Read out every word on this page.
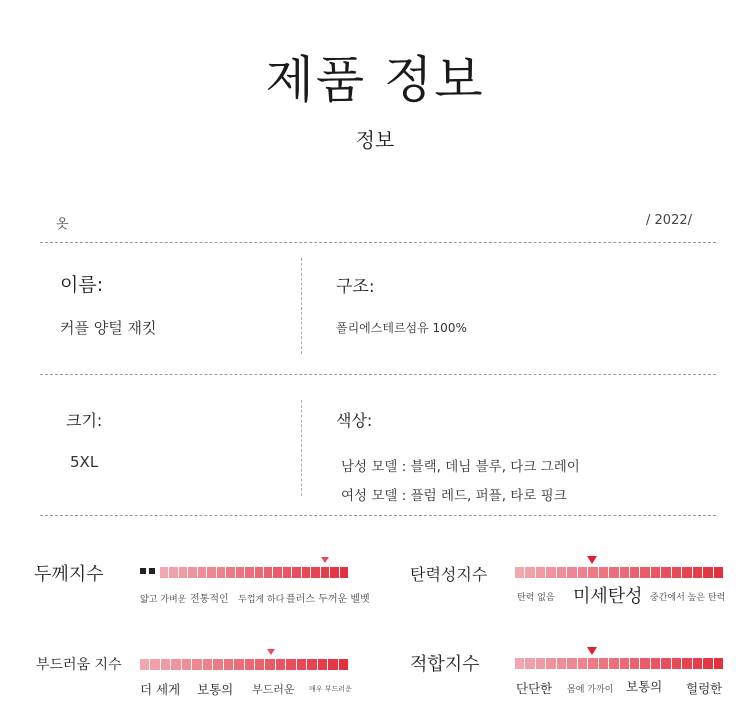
제품 정보
정보
옷	/ 2022/
이름:
커플 양털 재킷
구조:
폴리에스테르섬유 100%
크기:
5XL
색상:
남성 모델 : 블랙, 데님 블루, 다크 그레이
여성 모델 : 플럼 레드, 퍼플, 타로 핑크
두께지수
얇고 가벼운 전통적인 두껍게 하다 플러스 두꺼운 벨벳
탄력성지수
탄력 없음 미세탄성 중간에서 높은 탄력
부드러움 지수
더 세게 보통의 부드러운 매우 부드러운
적합지수
단단한 몸에 가까이 보통의 헐렁한
